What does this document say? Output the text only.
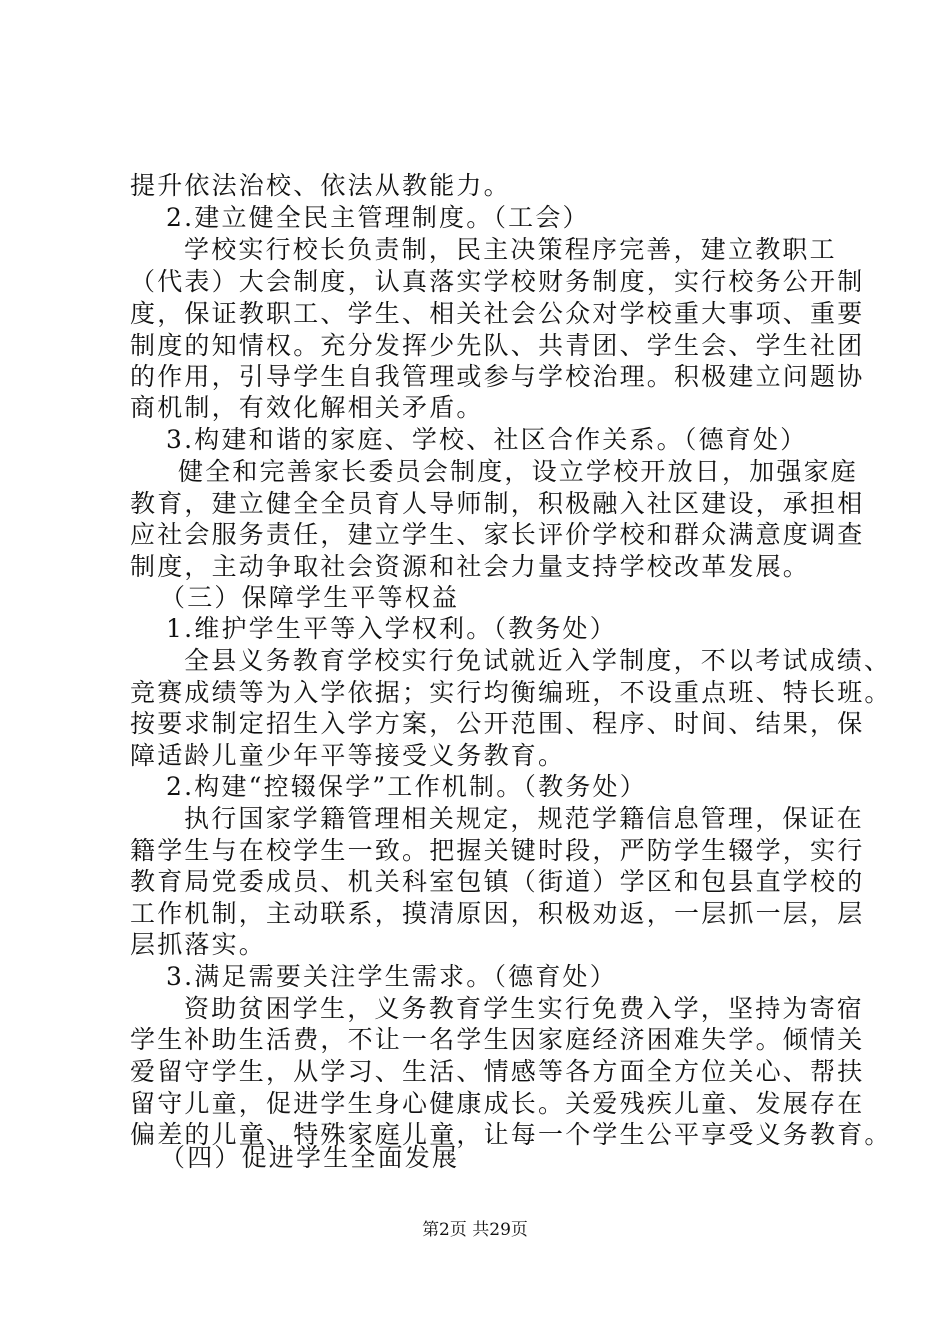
提升依法治校、依法从教能力。

2.建立健全民主管理制度。（工会）

学校实行校长负责制，民主决策程序完善，建立教职工

（代表）大会制度，认真落实学校财务制度，实行校务公开制

度，保证教职工、学生、相关社会公众对学校重大事项、重要

制度的知情权。充分发挥少先队、共青团、学生会、学生社团

的作用，引导学生自我管理或参与学校治理。积极建立问题协

商机制，有效化解相关矛盾。

3.构建和谐的家庭、学校、社区合作关系。（德育处）

健全和完善家长委员会制度，设立学校开放日，加强家庭

教育，建立健全全员育人导师制，积极融入社区建设，承担相

应社会服务责任，建立学生、家长评价学校和群众满意度调查

制度，主动争取社会资源和社会力量支持学校改革发展。

（三）保障学生平等权益

1.维护学生平等入学权利。（教务处）

全县义务教育学校实行免试就近入学制度，不以考试成绩、

竞赛成绩等为入学依据；实行均衡编班，不设重点班、特长班。

按要求制定招生入学方案，公开范围、程序、时间、结果，保

障适龄儿童少年平等接受义务教育。

2.构建“控辍保学”工作机制。（教务处）

执行国家学籍管理相关规定，规范学籍信息管理，保证在

籍学生与在校学生一致。把握关键时段，严防学生辍学，实行

教育局党委成员、机关科室包镇（街道）学区和包县直学校的

工作机制，主动联系，摸清原因，积极劝返，一层抓一层，层

层抓落实。

3.满足需要关注学生需求。（德育处）

资助贫困学生，义务教育学生实行免费入学，坚持为寄宿

学生补助生活费，不让一名学生因家庭经济困难失学。倾情关

爱留守学生，从学习、生活、情感等各方面全方位关心、帮扶

留守儿童，促进学生身心健康成长。关爱残疾儿童、发展存在

偏差的儿童、特殊家庭儿童，让每一个学生公平享受义务教育。

（四）促进学生全面发展

第2页 共29页
